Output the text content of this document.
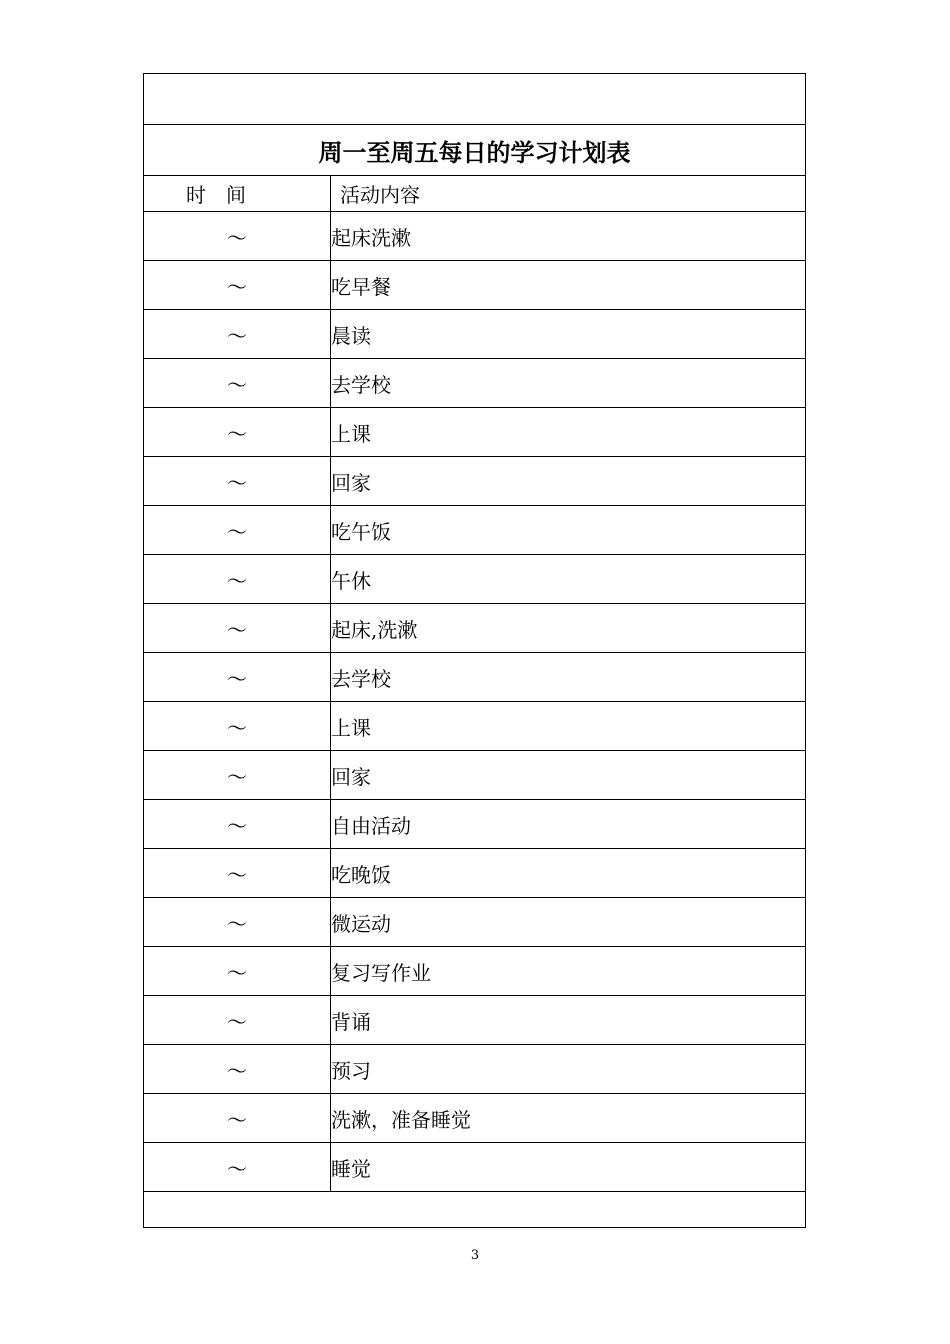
周一至周五每日的学习计划表	
时　间	活动内容
～	起床洗漱
～	吃早餐
～	晨读
～	去学校
～	上课
～	回家
～	吃午饭
～	午休
～	起床,洗漱
～	去学校
～	上课
～	回家
～	自由活动
～	吃晚饭
～	微运动
～	复习写作业
～	背诵
～	预习
～	洗漱，准备睡觉
～	睡觉

3
